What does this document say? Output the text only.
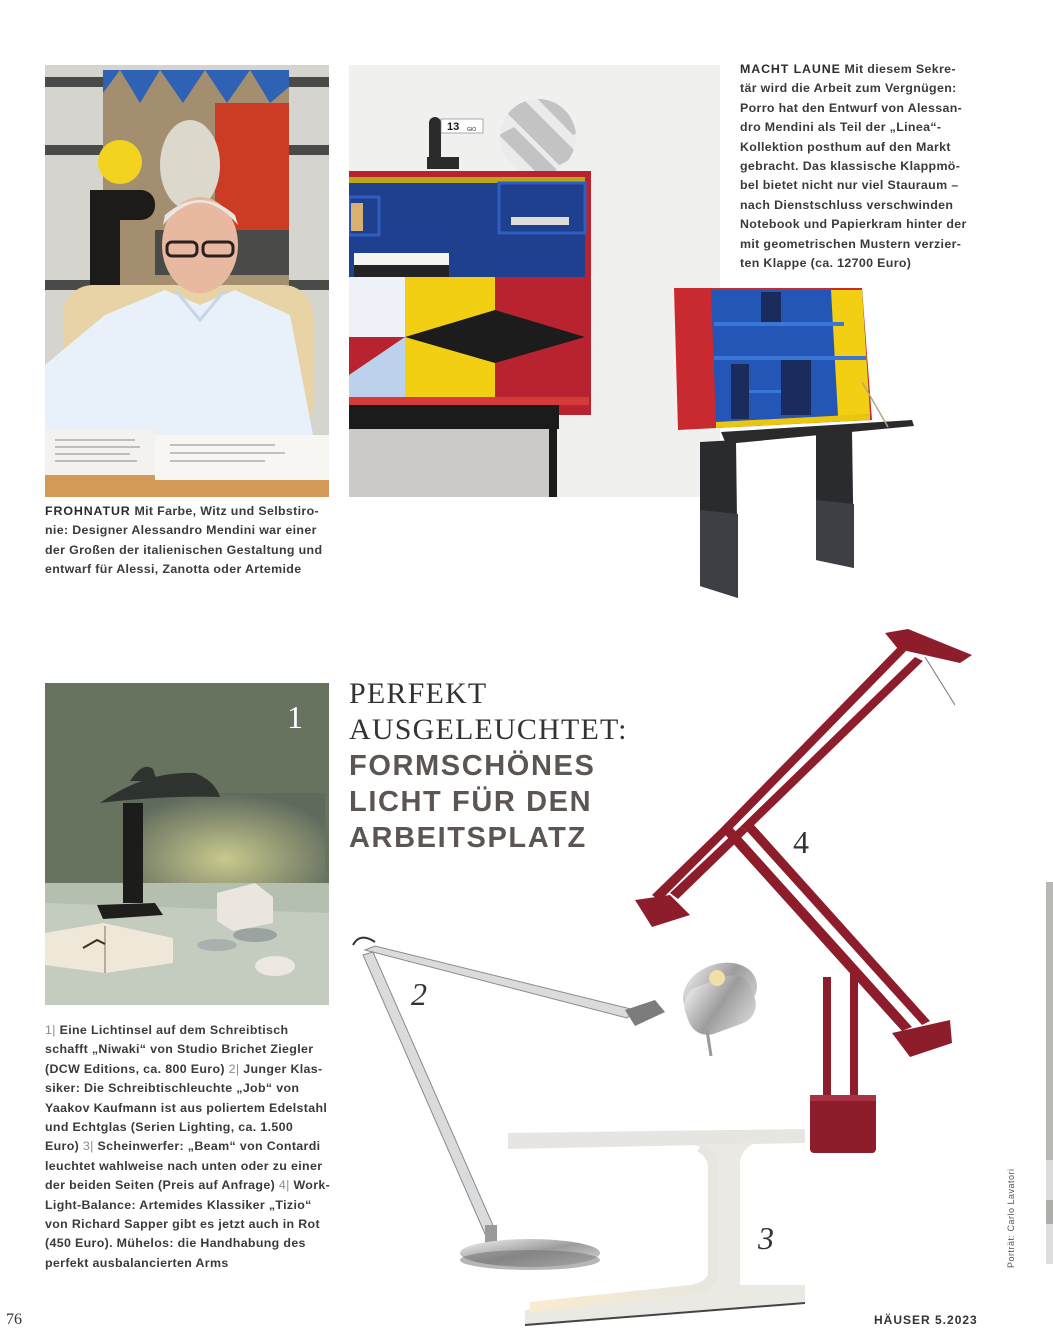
13 GIO
MACHT LAUNE Mit diesem Sekre-
tär wird die Arbeit zum Vergnügen:
Porro hat den Entwurf von Alessan-
dro Mendini als Teil der „Linea“-
Kollektion posthum auf den Markt
gebracht. Das klassische Klappmö-
bel bietet nicht nur viel Stauraum –
nach Dienstschluss verschwinden
Notebook und Papierkram hinter der
mit geometrischen Mustern verzier-
ten Klappe (ca. 12700 Euro)
FROHNATUR Mit Farbe, Witz und Selbstiro-
nie: Designer Alessandro Mendini war einer
der Großen der italienischen Gestaltung und
entwarf für Alessi, Zanotta oder Artemide
1
PERFEKT
AUSGELEUCHTET:
FORMSCHÖNES
LICHT FÜR DEN
ARBEITSPLATZ	4
2
3
1| Eine Lichtinsel auf dem Schreibtisch
schafft „Niwaki“ von Studio Brichet Ziegler
(DCW Editions, ca. 800 Euro) 2| Junger Klas-
siker: Die Schreibtischleuchte „Job“ von
Yaakov Kaufmann ist aus poliertem Edelstahl
und Echtglas (Serien Lighting, ca. 1.500
Euro) 3| Scheinwerfer: „Beam“ von Contardi
leuchtet wahlweise nach unten oder zu einer
der beiden Seiten (Preis auf Anfrage) 4| Work-
Light-Balance: Artemides Klassiker „Tizio“
von Richard Sapper gibt es jetzt auch in Rot
(450 Euro). Mühelos: die Handhabung des
perfekt ausbalancierten Arms	Porträt: Carlo Lavatori
76	HÄUSER 5.2023
